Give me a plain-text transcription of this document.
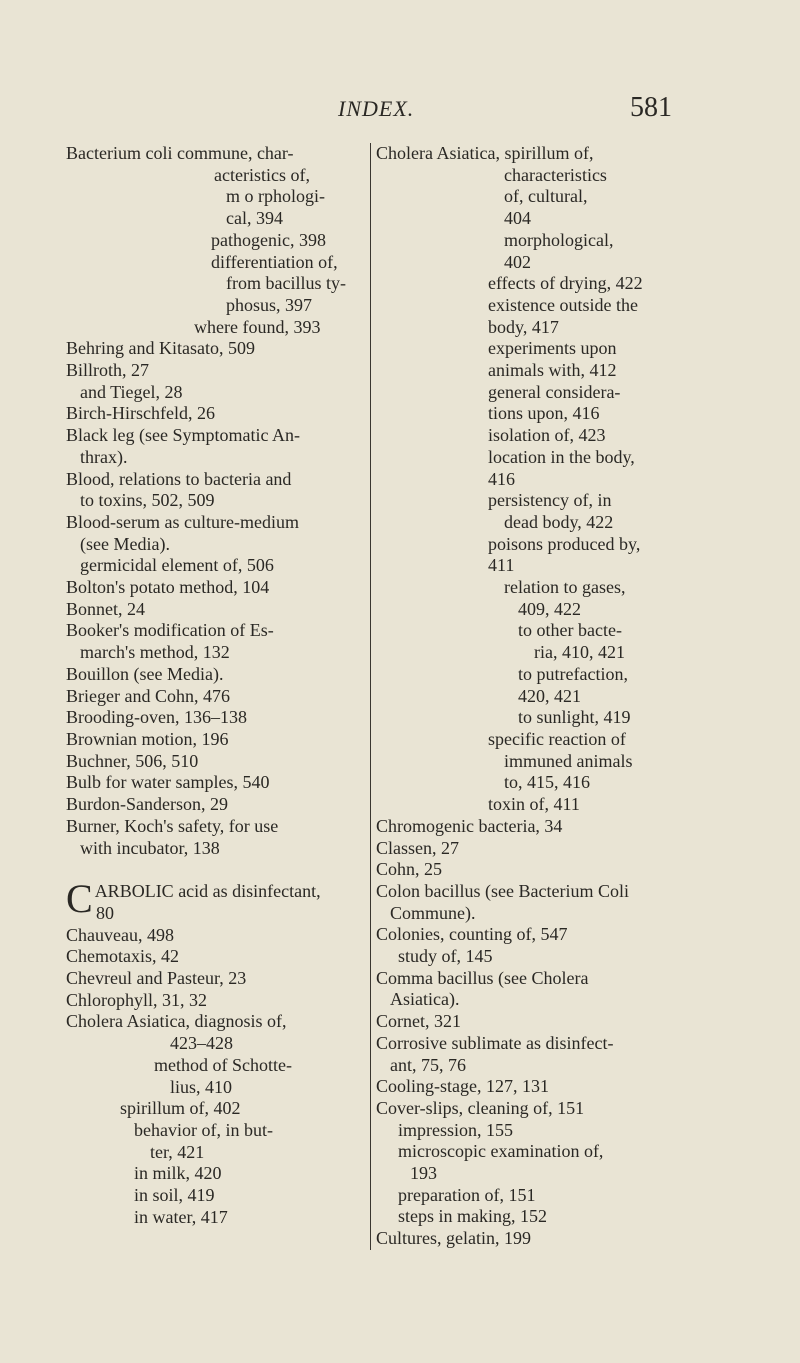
INDEX.	581
Bacterium coli commune, char-
acteristics of,
m o rphologi-
cal, 394
pathogenic, 398
differentiation of,
from bacillus ty-
phosus, 397
where found, 393
Behring and Kitasato, 509
Billroth, 27
and Tiegel, 28
Birch-Hirschfeld, 26
Black leg (see Symptomatic An-
thrax).
Blood, relations to bacteria and
to toxins, 502, 509
Blood-serum as culture-medium
(see Media).
germicidal element of, 506
Bolton's potato method, 104
Bonnet, 24
Booker's modification of Es-
march's method, 132
Bouillon (see Media).
Brieger and Cohn, 476
Brooding-oven, 136–138
Brownian motion, 196
Buchner, 506, 510
Bulb for water samples, 540
Burdon-Sanderson, 29
Burner, Koch's safety, for use
with incubator, 138
CARBOLIC acid as disinfectant,
80
Chauveau, 498
Chemotaxis, 42
Chevreul and Pasteur, 23
Chlorophyll, 31, 32
Cholera Asiatica, diagnosis of,
423–428
method of Schotte-
lius, 410
spirillum of, 402
behavior of, in but-
ter, 421
in milk, 420
in soil, 419
in water, 417
Cholera Asiatica, spirillum of,
characteristics
of, cultural,
404
morphological,
402
effects of drying, 422
existence outside the
body, 417
experiments upon
animals with, 412
general considera-
tions upon, 416
isolation of, 423
location in the body,
416
persistency of, in
dead body, 422
poisons produced by,
411
relation to gases,
409, 422
to other bacte-
ria, 410, 421
to putrefaction,
420, 421
to sunlight, 419
specific reaction of
immuned animals
to, 415, 416
toxin of, 411
Chromogenic bacteria, 34
Classen, 27
Cohn, 25
Colon bacillus (see Bacterium Coli
Commune).
Colonies, counting of, 547
study of, 145
Comma bacillus (see Cholera
Asiatica).
Cornet, 321
Corrosive sublimate as disinfect-
ant, 75, 76
Cooling-stage, 127, 131
Cover-slips, cleaning of, 151
impression, 155
microscopic examination of,
193
preparation of, 151
steps in making, 152
Cultures, gelatin, 199
